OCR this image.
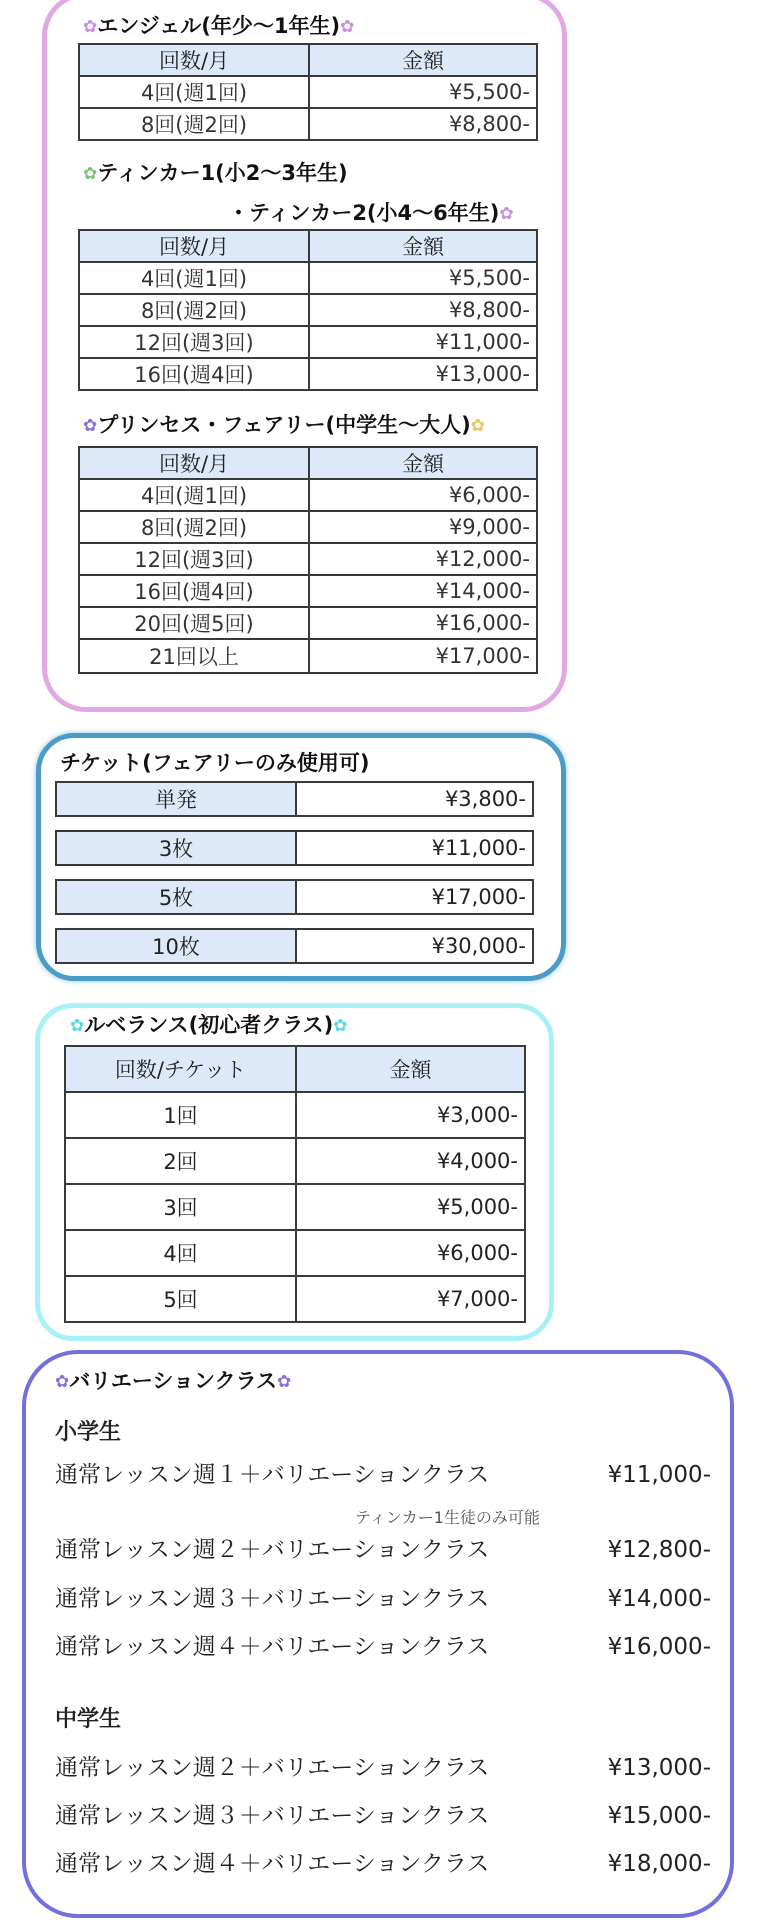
✿エンジェル(年少～1年生)✿
回数/月	金額
4回(週1回)	¥5,500-
8回(週2回)	¥8,800-
✿ティンカー1(小2～3年生)
・ティンカー2(小4～6年生)✿
回数/月	金額
4回(週1回)	¥5,500-
8回(週2回)	¥8,800-
12回(週3回)	¥11,000-
16回(週4回)	¥13,000-
✿プリンセス・フェアリー(中学生～大人)✿
回数/月	金額
4回(週1回)	¥6,000-
8回(週2回)	¥9,000-
12回(週3回)	¥12,000-
16回(週4回)	¥14,000-
20回(週5回)	¥16,000-
21回以上	¥17,000-
チケット(フェアリーのみ使用可)
単発	¥3,800-
3枚	¥11,000-
5枚	¥17,000-
10枚	¥30,000-
✿ルベランス(初心者クラス)✿
回数/チケット	金額
1回	¥3,000-
2回	¥4,000-
3回	¥5,000-
4回	¥6,000-
5回	¥7,000-
✿バリエーションクラス✿
小学生
通常レッスン週１＋バリエーションクラス	¥11,000-
ティンカー1生徒のみ可能
通常レッスン週２＋バリエーションクラス	¥12,800-
通常レッスン週３＋バリエーションクラス	¥14,000-
通常レッスン週４＋バリエーションクラス	¥16,000-
中学生
通常レッスン週２＋バリエーションクラス	¥13,000-
通常レッスン週３＋バリエーションクラス	¥15,000-
通常レッスン週４＋バリエーションクラス	¥18,000-
